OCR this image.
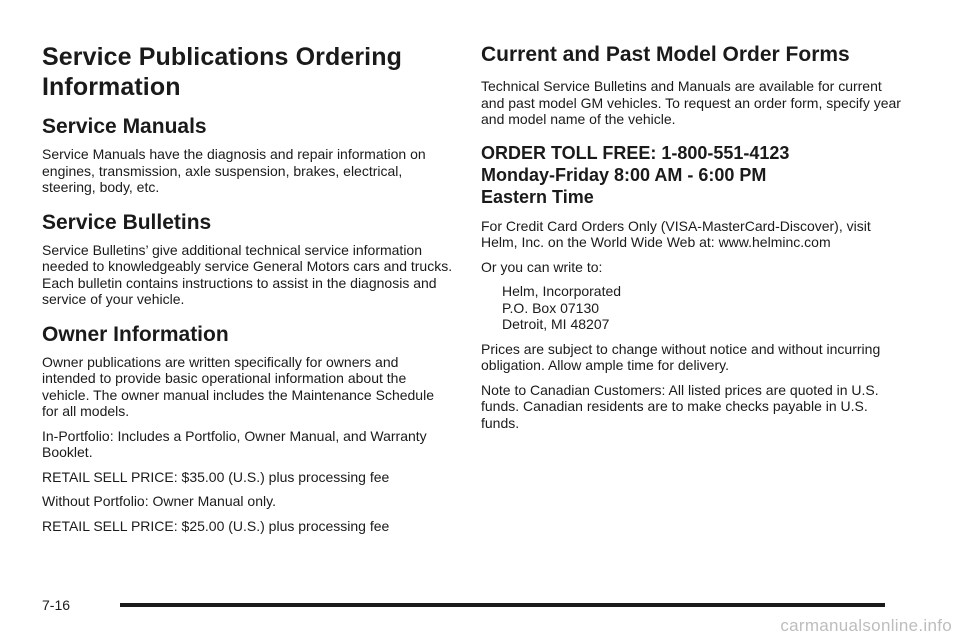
Service Publications Ordering
Information
Service Manuals

Service Manuals have the diagnosis and repair information on engines, transmission, axle suspension, brakes, electrical, steering, body, etc.

Service Bulletins

Service Bulletins’ give additional technical service information needed to knowledgeably service General Motors cars and trucks. Each bulletin contains instructions to assist in the diagnosis and service of your vehicle.

Owner Information

Owner publications are written specifically for owners and intended to provide basic operational information about the vehicle. The owner manual includes the Maintenance Schedule for all models.

In-Portfolio: Includes a Portfolio, Owner Manual, and Warranty Booklet.

RETAIL SELL PRICE: $35.00 (U.S.) plus processing fee

Without Portfolio: Owner Manual only.

RETAIL SELL PRICE: $25.00 (U.S.) plus processing fee

Current and Past Model Order Forms

Technical Service Bulletins and Manuals are available for current and past model GM vehicles. To request an order form, specify year and model name of the vehicle.

ORDER TOLL FREE: 1-800-551-4123
Monday-Friday 8:00 AM - 6:00 PM
Eastern Time

For Credit Card Orders Only (VISA-MasterCard-Discover), visit Helm, Inc. on the World Wide Web at: www.helminc.com

Or you can write to:

Helm, Incorporated
P.O. Box 07130
Detroit, MI 48207

Prices are subject to change without notice and without incurring obligation. Allow ample time for delivery.

Note to Canadian Customers: All listed prices are quoted in U.S. funds. Canadian residents are to make checks payable in U.S. funds.

7-16
carmanualsonline.info
